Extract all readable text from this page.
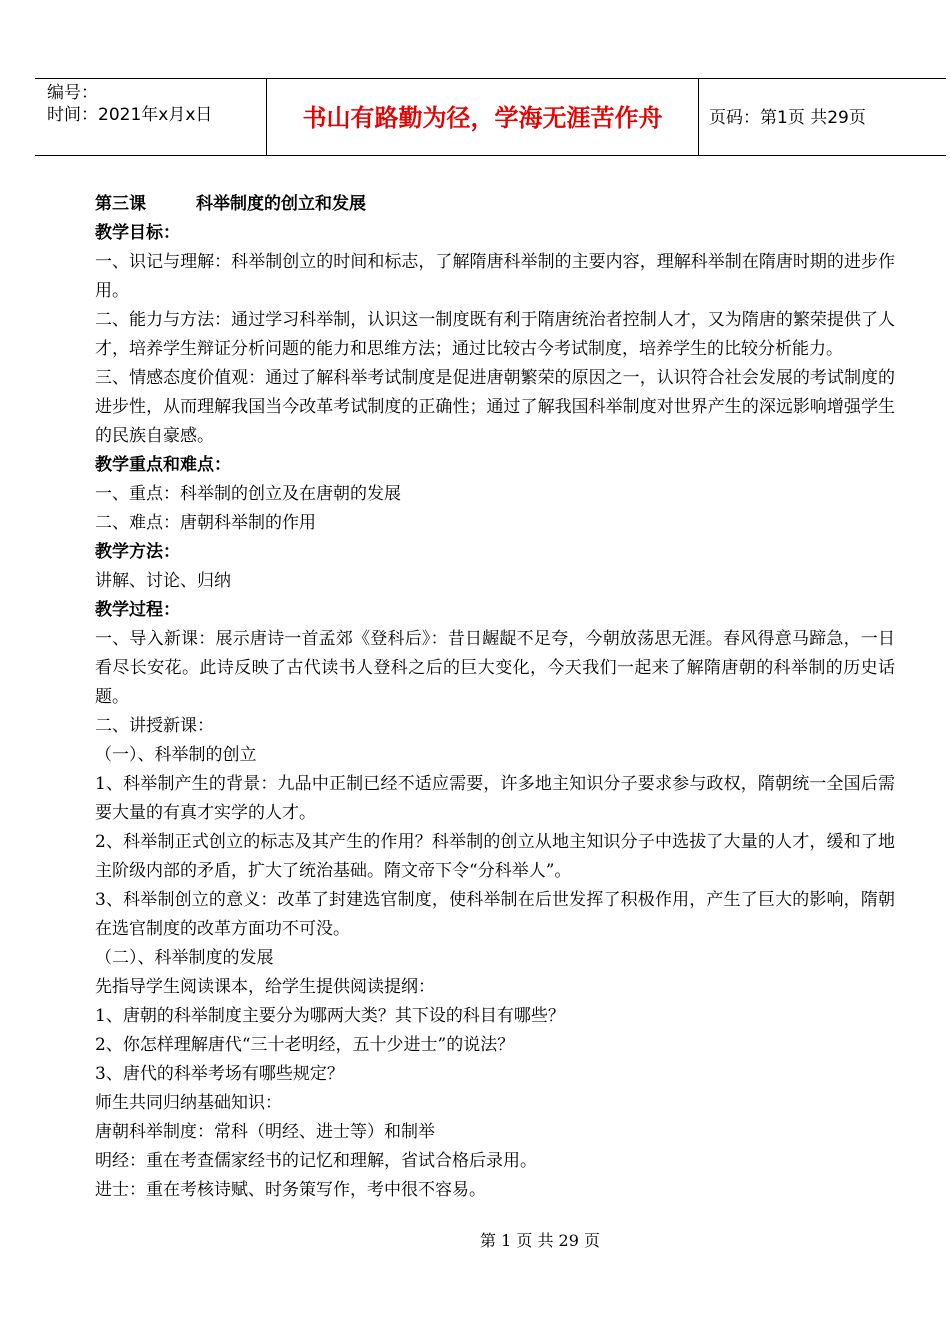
编号：
时间：2021年x月x日	书山有路勤为径，学海无涯苦作舟	页码：第1页 共29页

第三课	科举制度的创立和发展

教学目标：

一、识记与理解：科举制创立的时间和标志，了解隋唐科举制的主要内容，理解科举制在隋唐时期的进步作用。

二、能力与方法：通过学习科举制，认识这一制度既有利于隋唐统治者控制人才，又为隋唐的繁荣提供了人才，培养学生辩证分析问题的能力和思维方法；通过比较古今考试制度，培养学生的比较分析能力。

三、情感态度价值观：通过了解科举考试制度是促进唐朝繁荣的原因之一，认识符合社会发展的考试制度的进步性，从而理解我国当今改革考试制度的正确性；通过了解我国科举制度对世界产生的深远影响增强学生的民族自豪感。

教学重点和难点：

一、重点：科举制的创立及在唐朝的发展

二、难点：唐朝科举制的作用

教学方法：

讲解、讨论、归纳

教学过程：

一、导入新课：展示唐诗一首孟郊《登科后》：昔日龌龊不足夸，今朝放荡思无涯。春风得意马蹄急，一日看尽长安花。此诗反映了古代读书人登科之后的巨大变化，今天我们一起来了解隋唐朝的科举制的历史话题。

二、讲授新课：

（一）、科举制的创立

1、科举制产生的背景：九品中正制已经不适应需要，许多地主知识分子要求参与政权，隋朝统一全国后需要大量的有真才实学的人才。

2、科举制正式创立的标志及其产生的作用？科举制的创立从地主知识分子中选拔了大量的人才，缓和了地主阶级内部的矛盾，扩大了统治基础。隋文帝下令“分科举人”。

3、科举制创立的意义：改革了封建选官制度，使科举制在后世发挥了积极作用，产生了巨大的影响，隋朝在选官制度的改革方面功不可没。

（二）、科举制度的发展

先指导学生阅读课本，给学生提供阅读提纲：

1、唐朝的科举制度主要分为哪两大类？其下设的科目有哪些？

2、你怎样理解唐代“三十老明经，五十少进士”的说法？

3、唐代的科举考场有哪些规定？

师生共同归纳基础知识：

唐朝科举制度：常科（明经、进士等）和制举

明经：重在考查儒家经书的记忆和理解，省试合格后录用。

进士：重在考核诗赋、时务策写作，考中很不容易。

第 1 页 共 29 页
